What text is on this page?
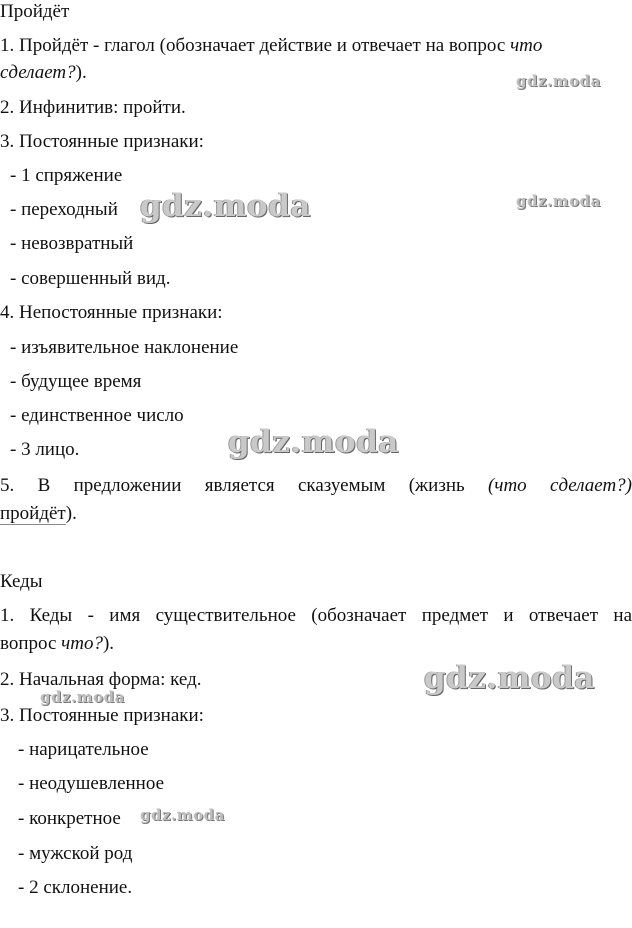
Пройдёт
1. Пройдёт - глагол (обозначает действие и отвечает на вопрос что
сделает?).
2. Инфинитив: пройти.
3. Постоянные признаки:
- 1 спряжение
- переходный
- невозвратный
- совершенный вид.
4. Непостоянные признаки:
- изъявительное наклонение
- будущее время
- единственное число
- 3 лицо.
5. В предложении является сказуемым (жизнь (что сделает?)
пройдёт).
Кеды
1. Кеды - имя существительное (обозначает предмет и отвечает на
вопрос что?).
2. Начальная форма: кед.
3. Постоянные признаки:
- нарицательное
- неодушевленное
- конкретное
- мужской род
- 2 склонение.
gdz.moda
gdz.moda	gdz.moda
gdz.moda
gdz.moda
gdz.moda
gdz.moda
